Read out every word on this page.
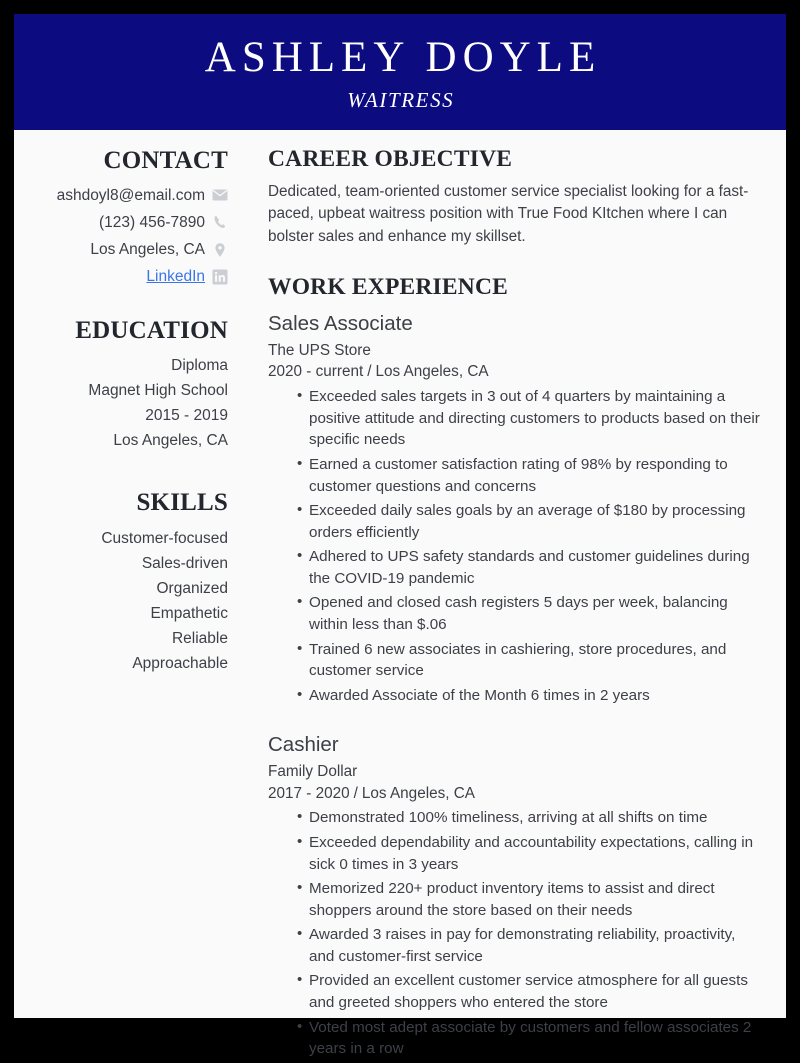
ASHLEY DOYLE
WAITRESS
CONTACT
ashdoyl8@email.com
(123) 456-7890
Los Angeles, CA
LinkedIn
EDUCATION
Diploma
Magnet High School
2015 - 2019
Los Angeles, CA
SKILLS
Customer-focused
Sales-driven
Organized
Empathetic
Reliable
Approachable
CAREER OBJECTIVE

Dedicated, team-oriented customer service specialist looking for a fast-paced, upbeat waitress position with True Food KItchen where I can bolster sales and enhance my skillset.

WORK EXPERIENCE

Sales Associate

The UPS Store

2020 - current / Los Angeles, CA

• Exceeded sales targets in 3 out of 4 quarters by maintaining a positive attitude and directing customers to products based on their specific needs
• Earned a customer satisfaction rating of 98% by responding to customer questions and concerns
• Exceeded daily sales goals by an average of $180 by processing orders efficiently
• Adhered to UPS safety standards and customer guidelines during the COVID-19 pandemic
• Opened and closed cash registers 5 days per week, balancing within less than $.06
• Trained 6 new associates in cashiering, store procedures, and customer service
• Awarded Associate of the Month 6 times in 2 years

Cashier

Family Dollar

2017 - 2020 / Los Angeles, CA

• Demonstrated 100% timeliness, arriving at all shifts on time
• Exceeded dependability and accountability expectations, calling in sick 0 times in 3 years
• Memorized 220+ product inventory items to assist and direct shoppers around the store based on their needs
• Awarded 3 raises in pay for demonstrating reliability, proactivity, and customer-first service
• Provided an excellent customer service atmosphere for all guests and greeted shoppers who entered the store
• Voted most adept associate by customers and fellow associates 2 years in a row
